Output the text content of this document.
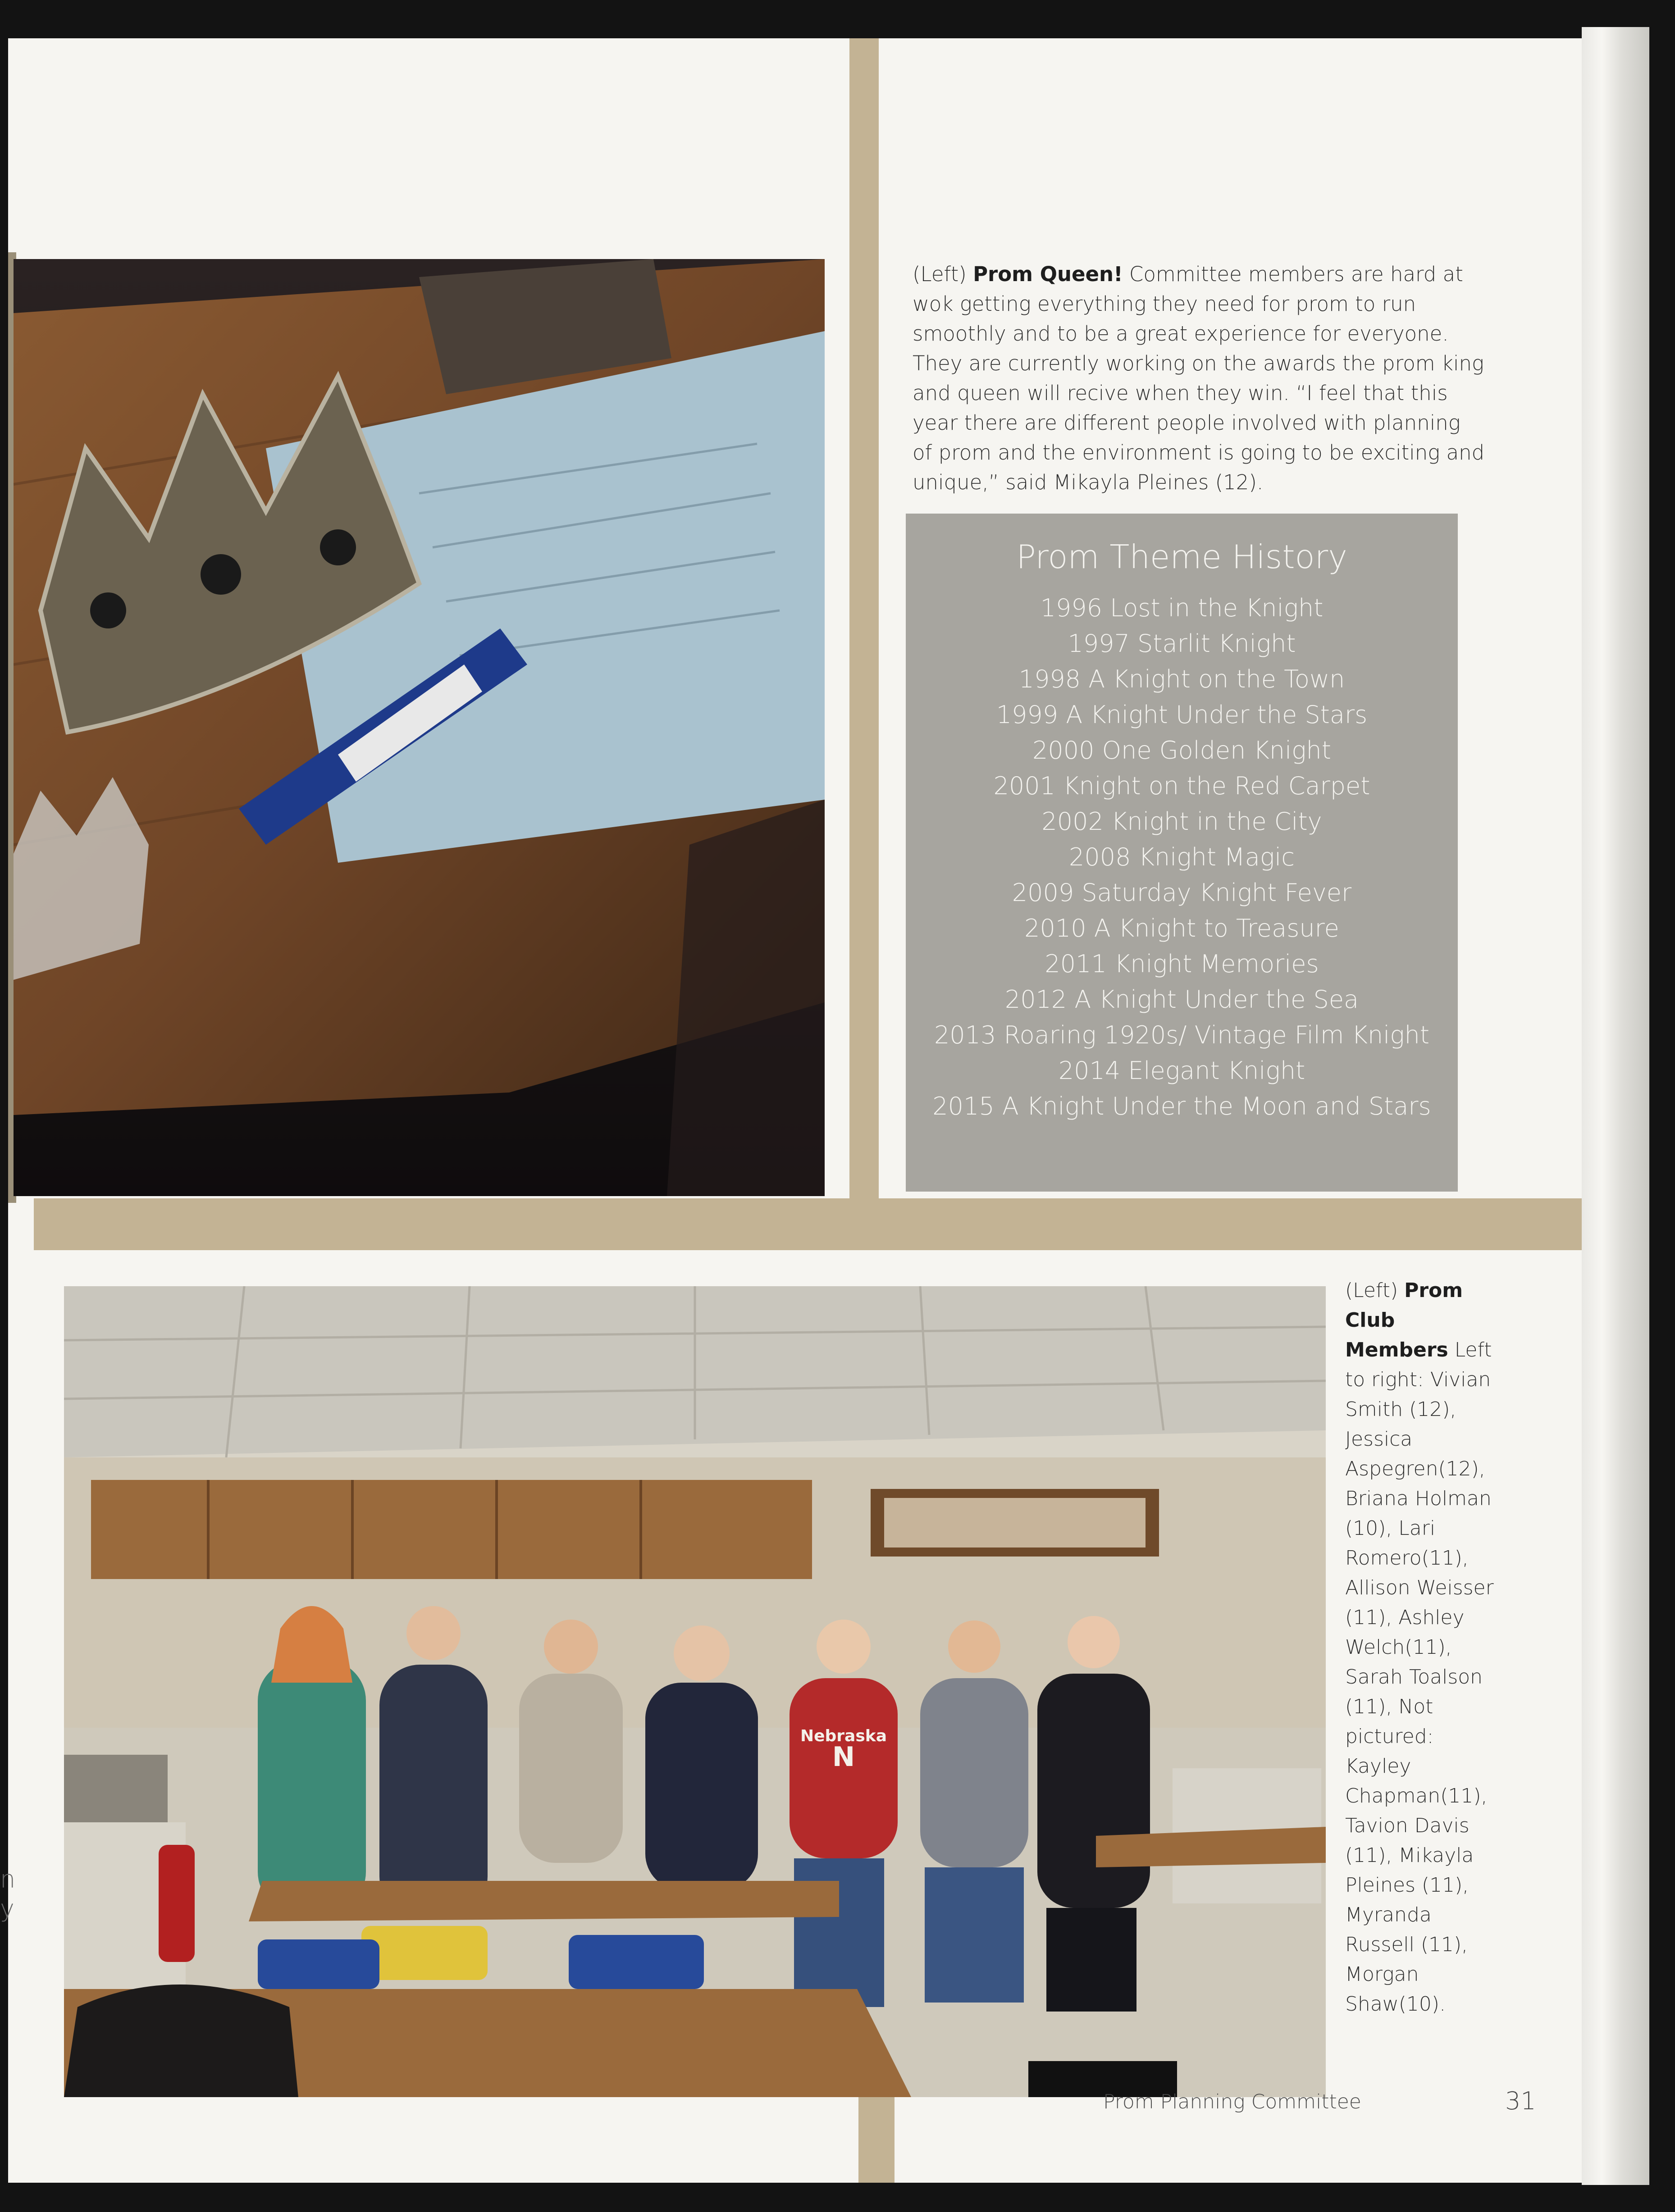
(Left) Prom Queen! Committee members are hard at wok getting everything they need for prom to run smoothly and to be a great experience for everyone. They are currently working on the awards the prom king and queen will recive when they win. “I feel that this year there are different people involved with planning of prom and the environment is going to be exciting and unique,” said Mikayla Pleines (12).
Prom Theme History
1996 Lost in the Knight
1997 Starlit Knight
1998 A Knight on the Town
1999 A Knight Under the Stars
2000 One Golden Knight
2001 Knight on the Red Carpet
2002 Knight in the City
2008 Knight Magic
2009 Saturday Knight Fever
2010 A Knight to Treasure
2011 Knight Memories
2012 A Knight Under the Sea
2013 Roaring 1920s/ Vintage Film Knight
2014 Elegant Knight
2015 A Knight Under the Moon and Stars
Nebraska
N
(Left) Prom Club Members Left to right: Vivian Smith (12), Jessica Aspegren(12), Briana Holman (10), Lari Romero(11), Allison Weisser (11), Ashley Welch(11), Sarah Toalson (11), Not pictured: Kayley Chapman(11), Tavion Davis (11), Mikayla Pleines (11), Myranda Russell (11), Morgan Shaw(10).
Prom Planning Committee	31
n
y
